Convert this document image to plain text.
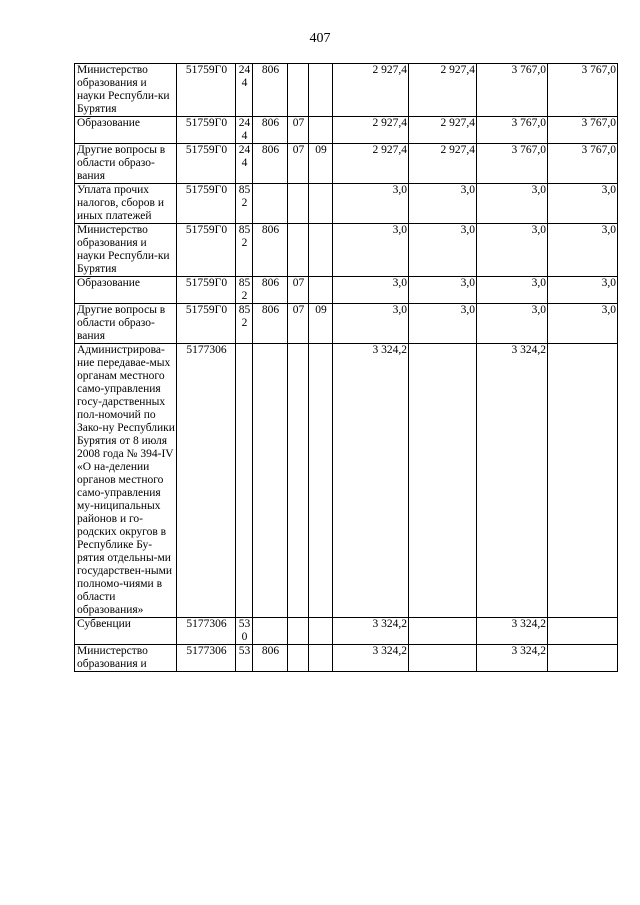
407
Министерство образования и науки Республи-ки Бурятия	51759Г0	244	806			2 927,4	2 927,4	3 767,0	3 767,0
Образование	51759Г0	244	806	07		2 927,4	2 927,4	3 767,0	3 767,0
Другие вопросы в области образо-вания	51759Г0	244	806	07	09	2 927,4	2 927,4	3 767,0	3 767,0
Уплата прочих налогов, сборов и иных платежей	51759Г0	852				3,0	3,0	3,0	3,0
Министерство образования и науки Республи-ки Бурятия	51759Г0	852	806			3,0	3,0	3,0	3,0
Образование	51759Г0	852	806	07		3,0	3,0	3,0	3,0
Другие вопросы в области образо-вания	51759Г0	852	806	07	09	3,0	3,0	3,0	3,0
Администрирова-ние передавае-мых органам местного само-управления госу-дарственных пол-номочий по Зако-ну Республики Бурятия от 8 июля 2008 года № 394-IV «О на-делении органов местного само-управления му-ниципальных районов и го-родских округов в Республике Бу-рятия отдельны-ми государствен-ными полномо-чиями в области образования»	5177306					3 324,2		3 324,2	
Субвенции	5177306	530				3 324,2		3 324,2	
Министерство образования и	5177306	53	806			3 324,2		3 324,2	
